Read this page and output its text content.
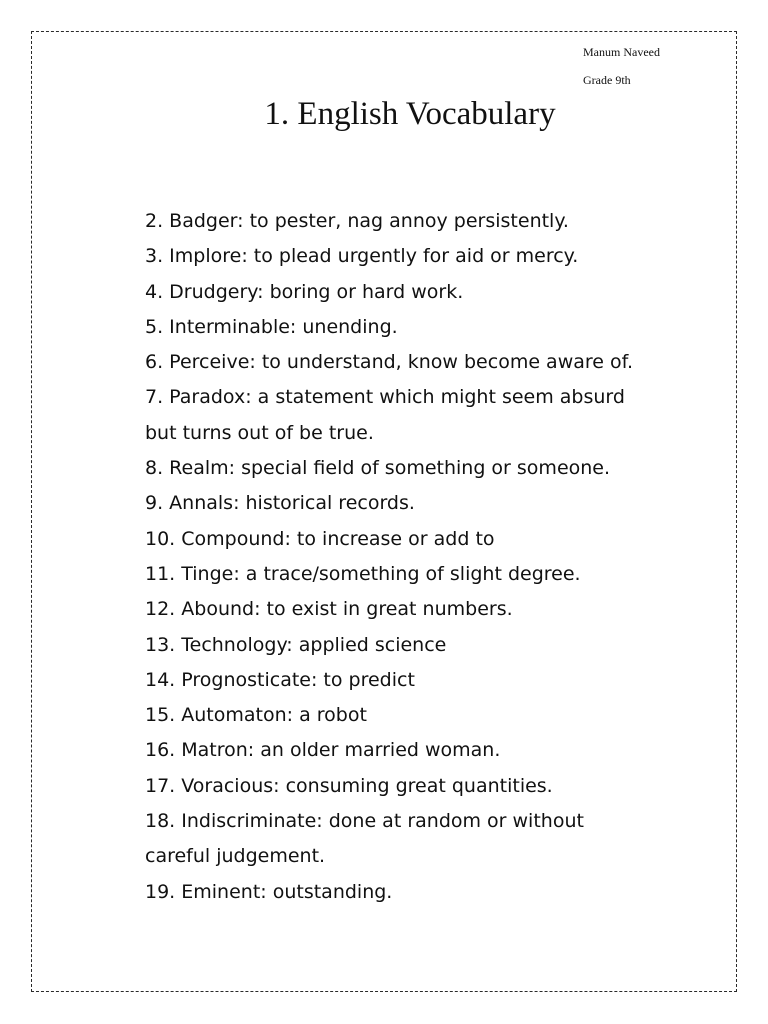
Manum Naveed
Grade 9th
1. English Vocabulary
2. Badger: to pester, nag annoy persistently.
3. Implore: to plead urgently for aid or mercy.
4. Drudgery: boring or hard work.
5. Interminable: unending.
6. Perceive: to understand, know become aware of.
7. Paradox: a statement which might seem absurd
but turns out of be true.
8. Realm: special field of something or someone.
9. Annals: historical records.
10. Compound: to increase or add to
11. Tinge: a trace/something of slight degree.
12. Abound: to exist in great numbers.
13. Technology: applied science
14. Prognosticate: to predict
15. Automaton: a robot
16. Matron: an older married woman.
17. Voracious: consuming great quantities.
18. Indiscriminate: done at random or without
careful judgement.
19. Eminent: outstanding.
